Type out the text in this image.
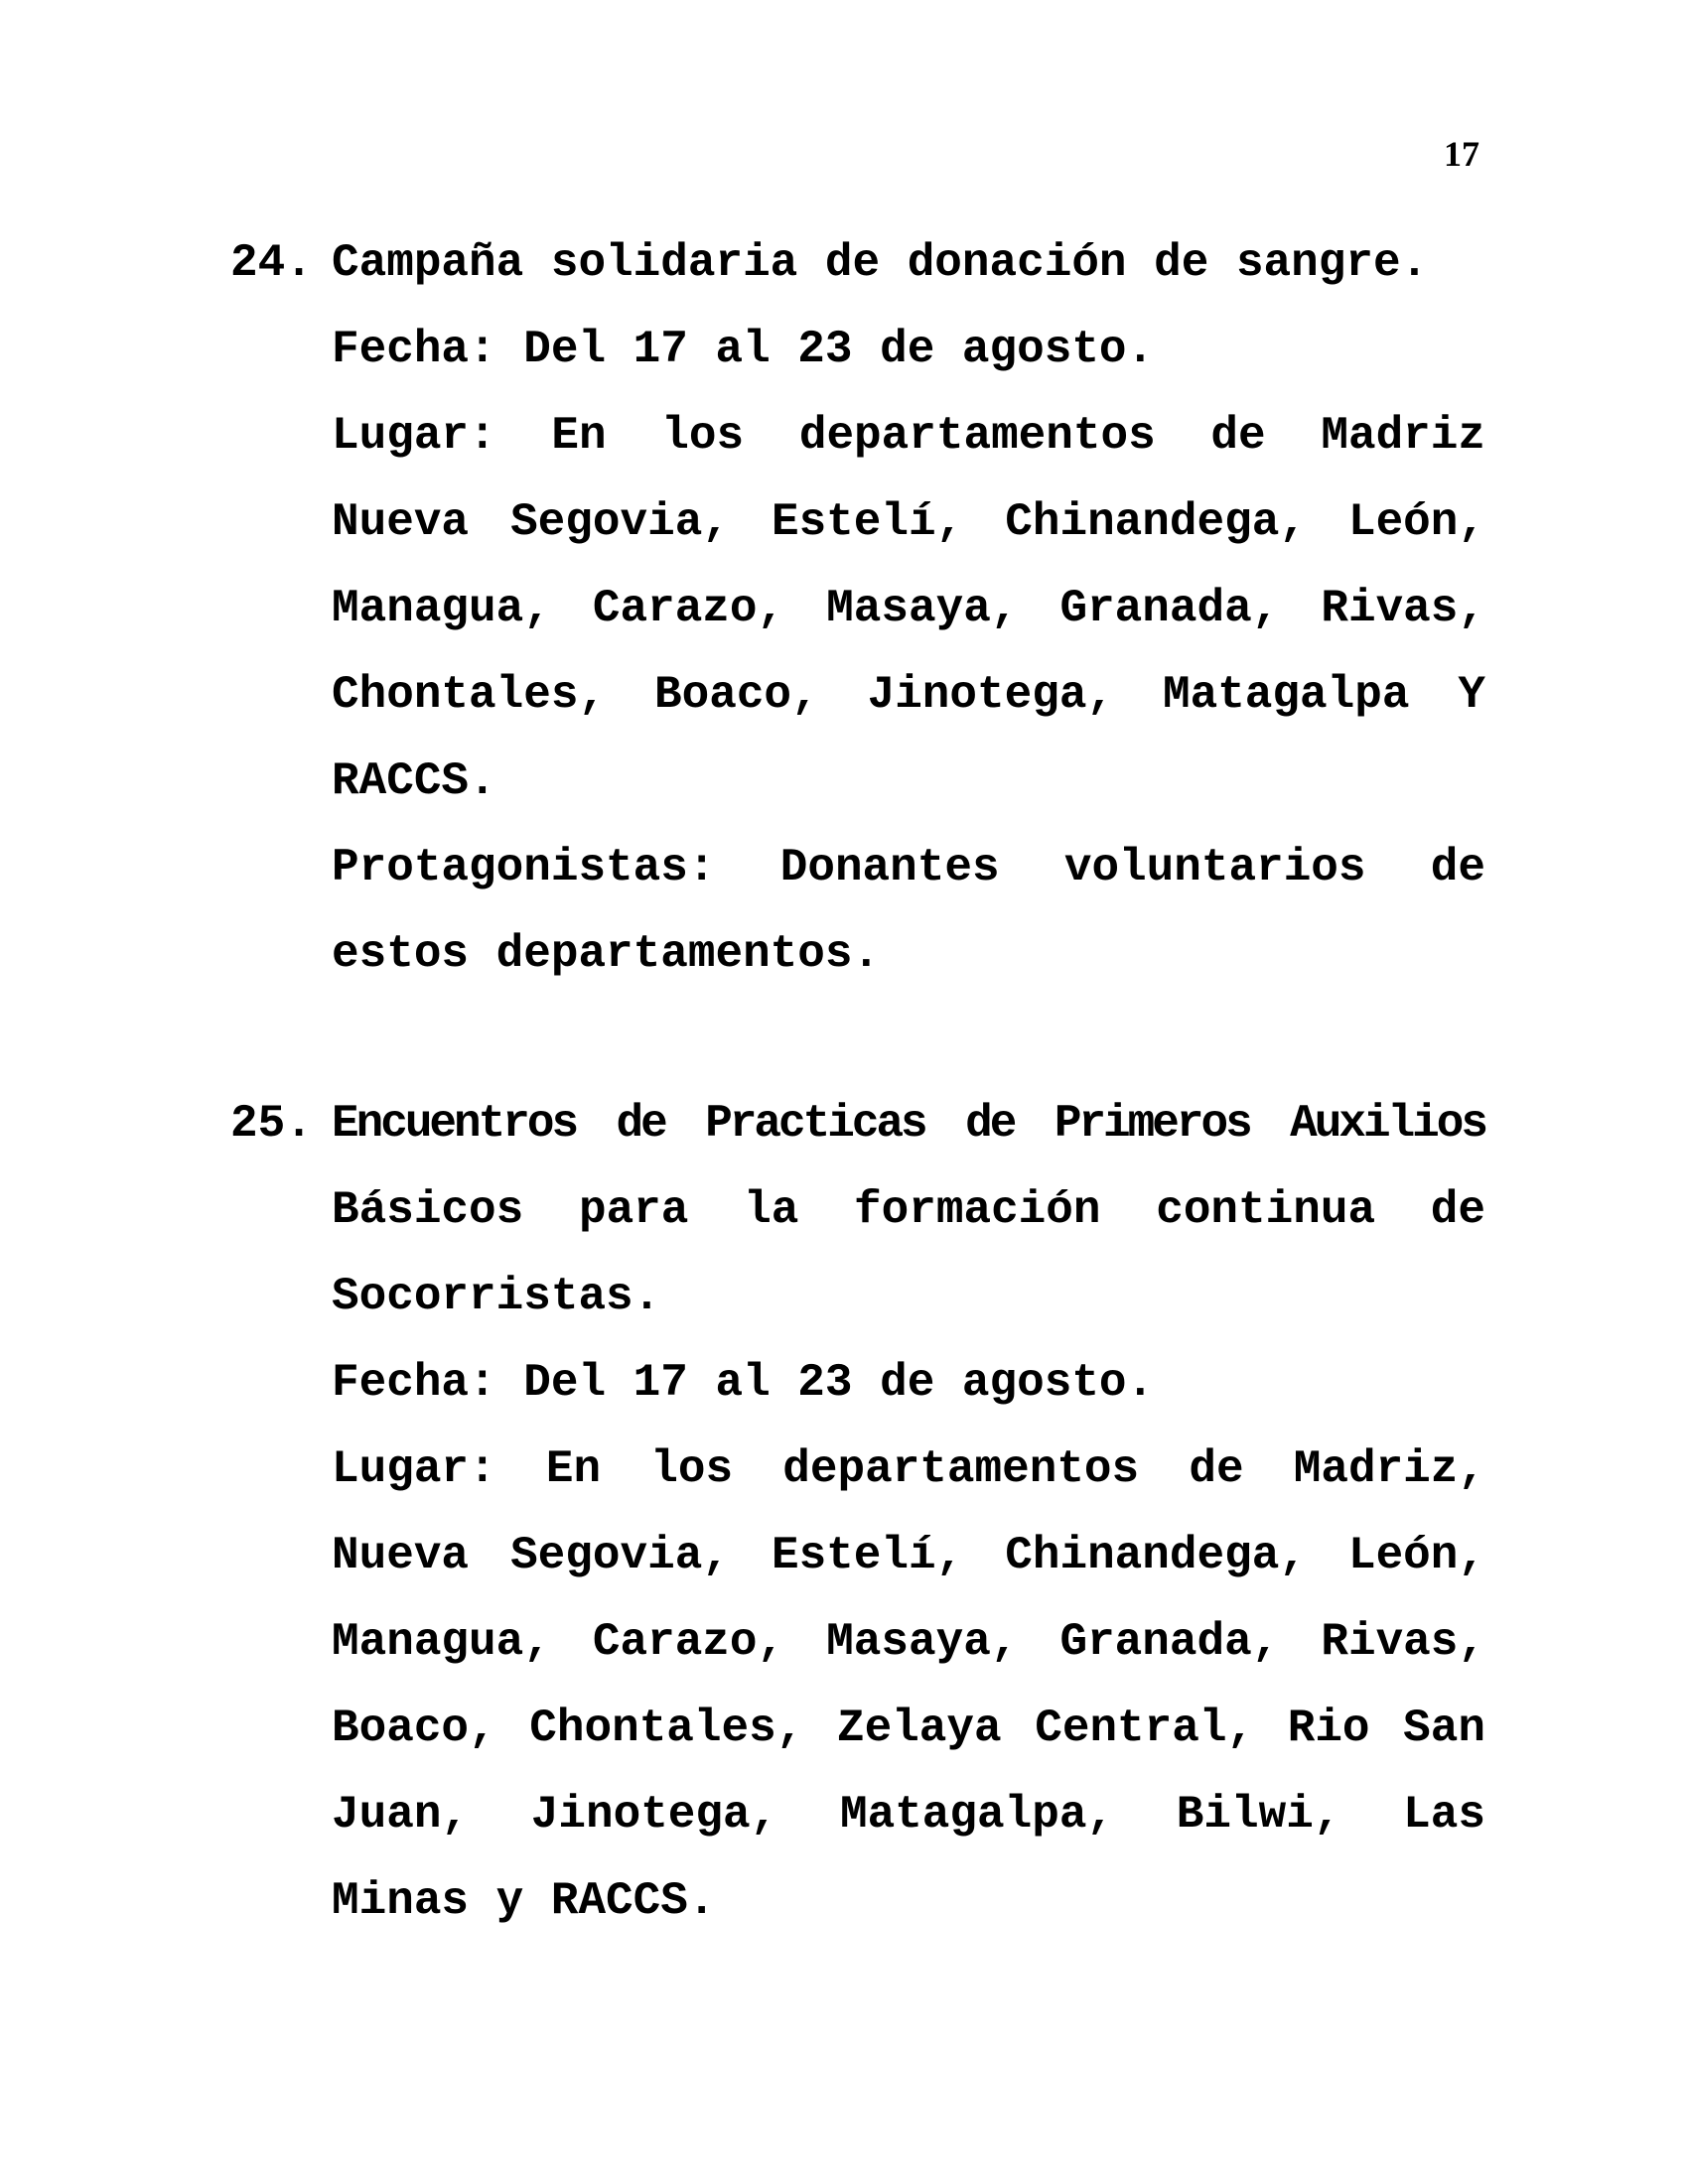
17
24. Campaña solidaria de donación de sangre.

Fecha: Del 17 al 23 de agosto.

Lugar: En los departamentos de Madriz Nueva Segovia, Estelí, Chinandega, León, Managua, Carazo, Masaya, Granada, Rivas, Chontales, Boaco, Jinotega, Matagalpa Y RACCS.

Protagonistas: Donantes voluntarios de estos departamentos.

25. Encuentros de Practicas de Primeros Auxilios Básicos para la formación continua de Socorristas.

Fecha: Del 17 al 23 de agosto.

Lugar: En los departamentos de Madriz, Nueva Segovia, Estelí, Chinandega, León, Managua, Carazo, Masaya, Granada, Rivas, Boaco, Chontales, Zelaya Central, Rio San Juan, Jinotega, Matagalpa, Bilwi, Las Minas y RACCS.
